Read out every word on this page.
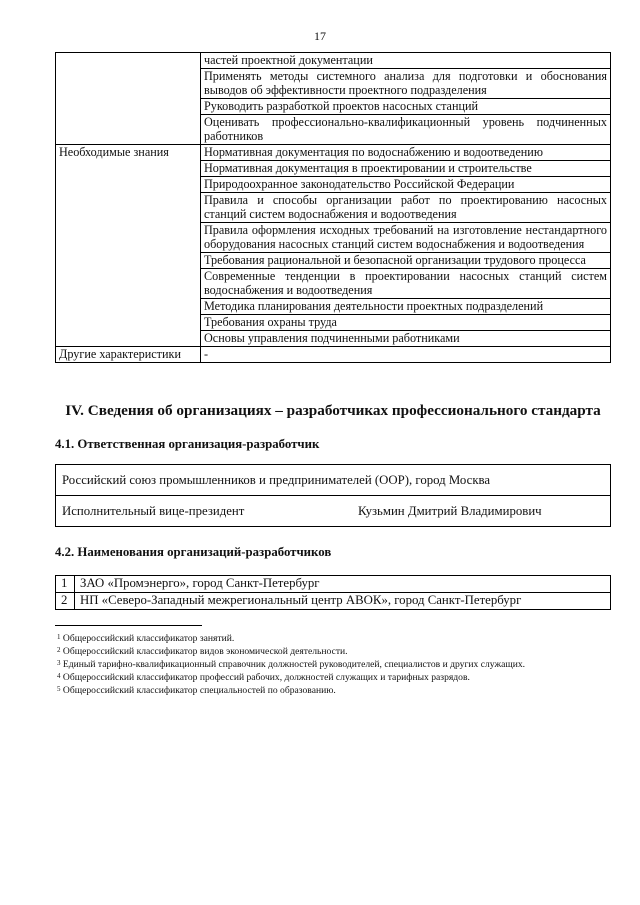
17
	частей проектной документации
	Применять методы системного анализа для подготовки и обоснования выводов об эффективности проектного подразделения
	Руководить разработкой проектов насосных станций
	Оценивать профессионально-квалификационный уровень подчиненных работников
Необходимые знания	Нормативная документация по водоснабжению и водоотведению
	Нормативная документация в проектировании и строительстве
	Природоохранное законодательство Российской Федерации
	Правила и способы организации работ по проектированию насосных станций систем водоснабжения и водоотведения
	Правила оформления исходных требований на изготовление нестандартного оборудования насосных станций систем водоснабжения и водоотведения
	Требования рациональной и безопасной организации трудового процесса
	Современные тенденции в проектировании насосных станций систем водоснабжения и водоотведения
	Методика планирования деятельности проектных подразделений
	Требования охраны труда
	Основы управления подчиненными работниками
Другие характеристики	-
IV. Сведения об организациях – разработчиках профессионального стандарта
4.1. Ответственная организация-разработчик
Российский союз промышленников и предпринимателей (ООР), город Москва

Исполнительный вице-президент	Кузьмин Дмитрий Владимирович
4.2. Наименования организаций-разработчиков
1	ЗАО «Промэнерго», город Санкт-Петербург
2	НП «Северо-Западный межрегиональный центр АВОК», город Санкт-Петербург
$^1$ Общероссийский классификатор занятий.
$^2$ Общероссийский классификатор видов экономической деятельности.
$^3$ Единый тарифно-квалификационный справочник должностей руководителей, специалистов и других служащих.
$^4$ Общероссийский классификатор профессий рабочих, должностей служащих и тарифных разрядов.
$^5$ Общероссийский классификатор специальностей по образованию.
